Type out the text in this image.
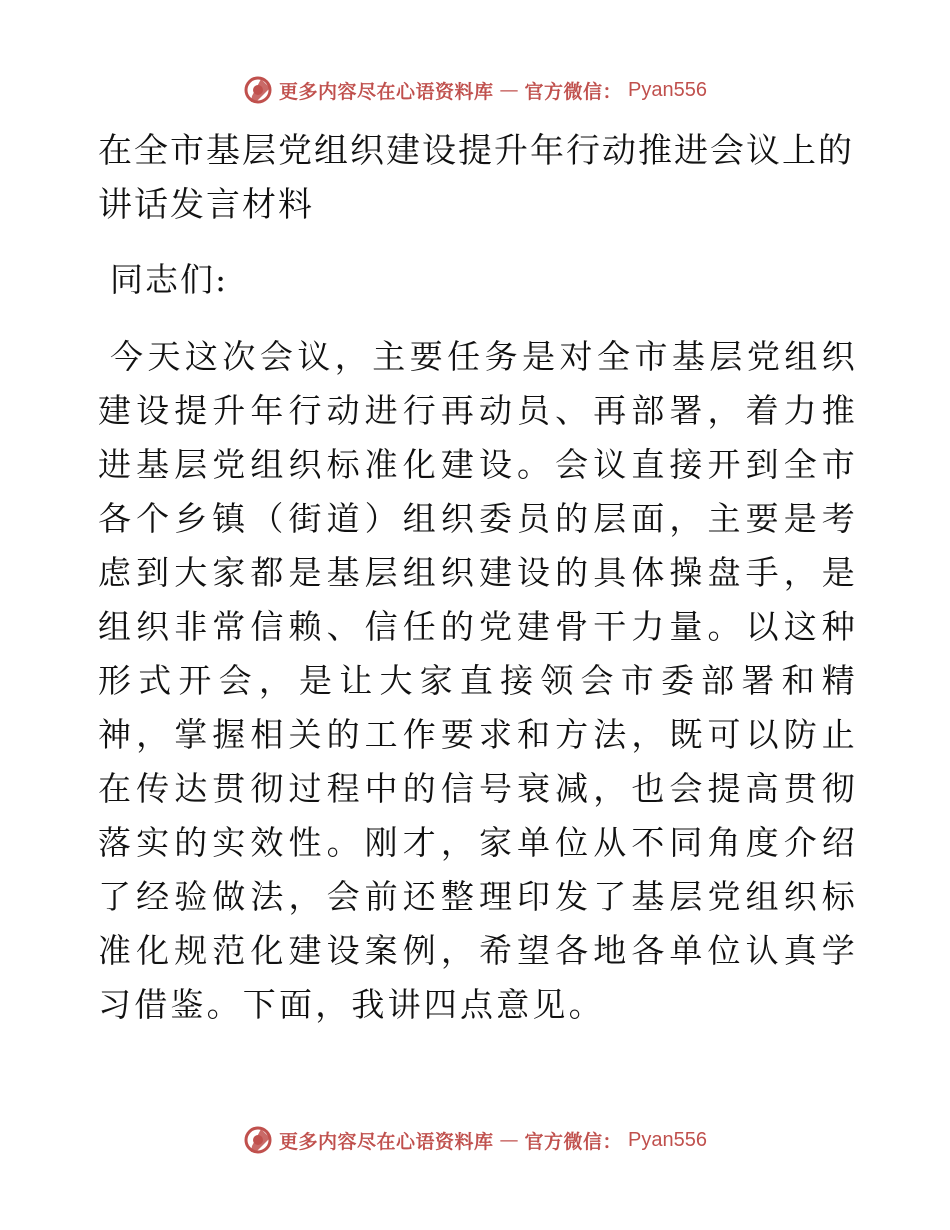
更多内容尽在心语资料库 — 官方微信： Pyan556
在全市基层党组织建设提升年行动推进会议上的讲话发言材料

同志们:

今天这次会议，主要任务是对全市基层党组织建设提升年行动进行再动员、再部署，着力推进基层党组织标准化建设。会议直接开到全市各个乡镇（街道）组织委员的层面，主要是考虑到大家都是基层组织建设的具体操盘手，是组织非常信赖、信任的党建骨干力量。以这种形式开会，是让大家直接领会市委部署和精神，掌握相关的工作要求和方法，既可以防止在传达贯彻过程中的信号衰减，也会提高贯彻落实的实效性。刚才，家单位从不同角度介绍了经验做法，会前还整理印发了基层党组织标准化规范化建设案例，希望各地各单位认真学习借鉴。下面，我讲四点意见。

更多内容尽在心语资料库 — 官方微信： Pyan556
